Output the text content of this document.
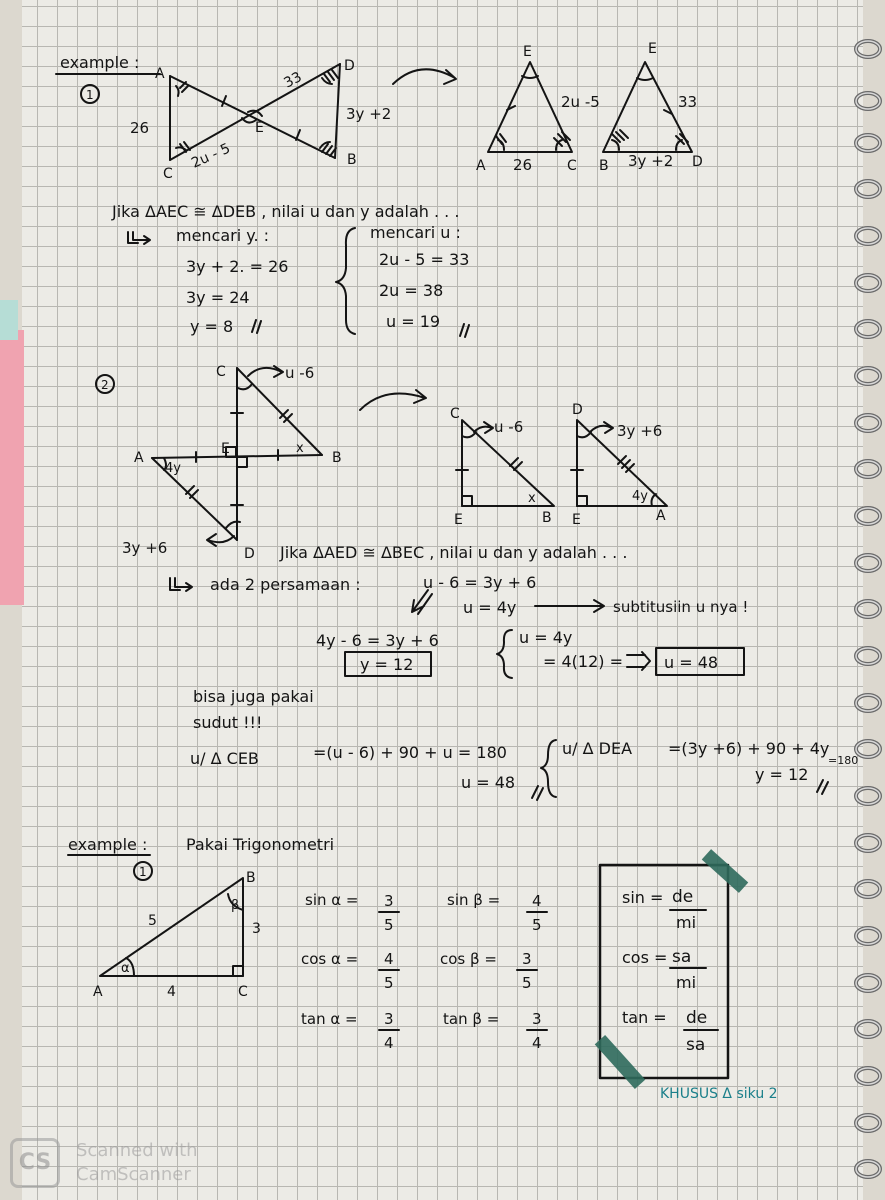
example :
1
A
C
D
B
E
26
33
3y +2
2u - 5
E
A	C
26
2u -5
E
B	D
33
3y +2
Jika ΔAEC ≅ ΔDEB , nilai u dan y adalah . . .
mencari y. :
3y + 2. = 26
3y = 24
y = 8
mencari u :
2u - 5 = 33
2u = 38
u = 19
2
C	u -6
A	B
E	x
4y
D
3y +6
C
E	B
u -6
x
D
E	A
3y +6
4y
Jika ΔAED ≅ ΔBEC , nilai u dan y adalah . . .
ada 2 persamaan :	u - 6 = 3y + 6
u = 4y	subtitusiin u nya !
4y - 6 = 3y + 6
y = 12
u = 4y
= 4(12) =	u = 48
bisa juga pakai
sudut !!!
u/ Δ CEB	=(u - 6) + 90 + u = 180
u = 48
u/ Δ DEA =(3y +6) + 90 + 4y
=180
y = 12
example : Pakai Trigonometri
1	B
A	C
5	3
4
α
β	sin α = 3
5
cos α = 4
5
tan α = 3
4
sin β = 4
5
cos β = 3
5
tan β = 3
4
sin = de
mi
cos = sa
mi
tan = de
sa
KHUSUS Δ siku 2
CS	Scanned with
CamScanner
